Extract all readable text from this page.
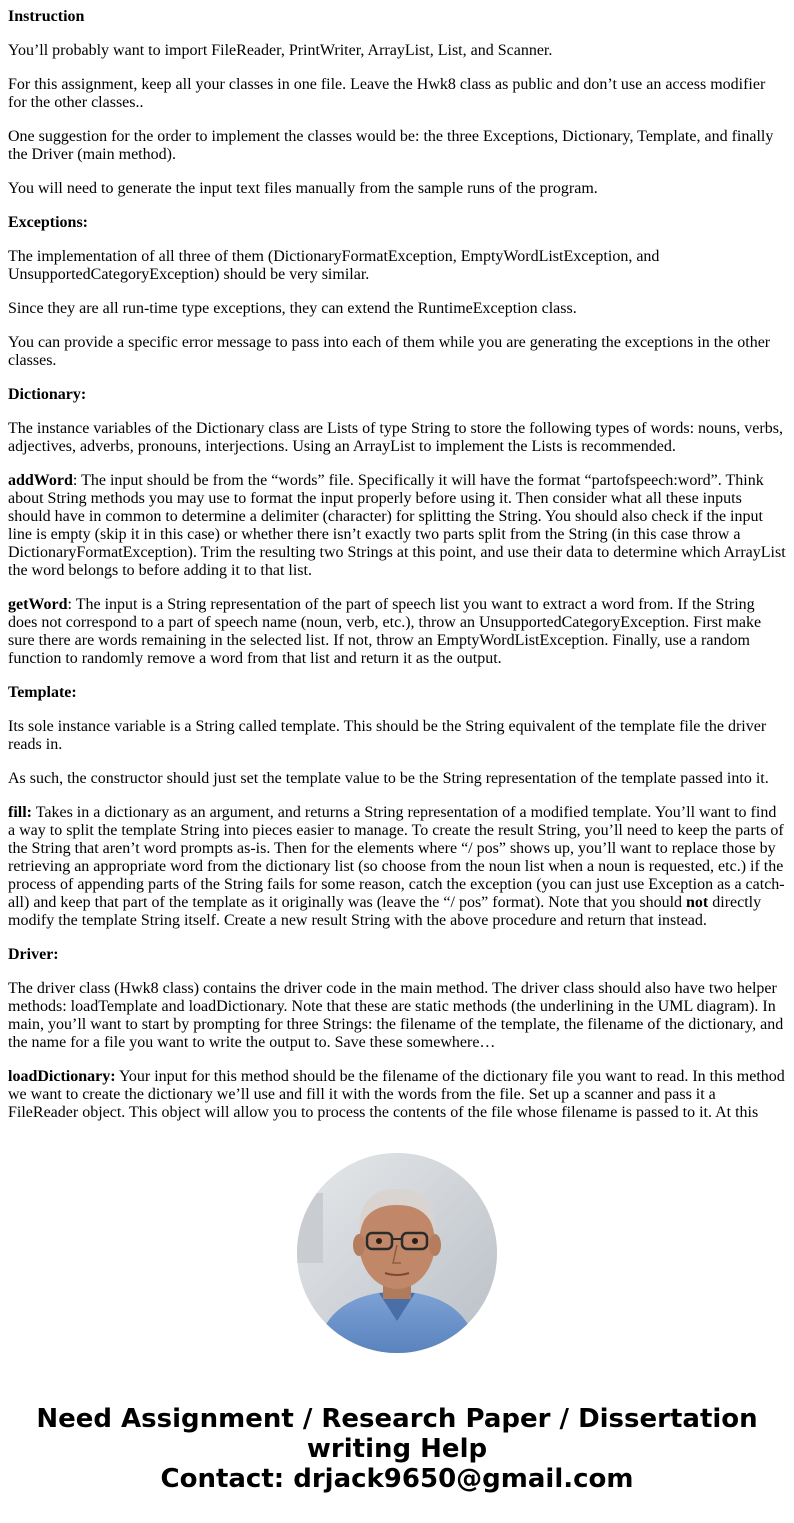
Instruction

You’ll probably want to import FileReader, PrintWriter, ArrayList, List, and Scanner.

For this assignment, keep all your classes in one file. Leave the Hwk8 class as public and don’t use an access modifier for the other classes..

One suggestion for the order to implement the classes would be: the three Exceptions, Dictionary, Template, and finally the Driver (main method).

You will need to generate the input text files manually from the sample runs of the program.

Exceptions:

The implementation of all three of them (DictionaryFormatException, EmptyWordListException, and UnsupportedCategoryException) should be very similar.

Since they are all run-time type exceptions, they can extend the RuntimeException class.

You can provide a specific error message to pass into each of them while you are generating the exceptions in the other classes.

Dictionary:

The instance variables of the Dictionary class are Lists of type String to store the following types of words: nouns, verbs, adjectives, adverbs, pronouns, interjections. Using an ArrayList to implement the Lists is recommended.

addWord: The input should be from the “words” file. Specifically it will have the format “partofspeech:word”. Think about String methods you may use to format the input properly before using it. Then consider what all these inputs should have in common to determine a delimiter (character) for splitting the String. You should also check if the input line is empty (skip it in this case) or whether there isn’t exactly two parts split from the String (in this case throw a DictionaryFormatException). Trim the resulting two Strings at this point, and use their data to determine which ArrayList the word belongs to before adding it to that list.

getWord: The input is a String representation of the part of speech list you want to extract a word from. If the String does not correspond to a part of speech name (noun, verb, etc.), throw an UnsupportedCategoryException. First make sure there are words remaining in the selected list. If not, throw an EmptyWordListException. Finally, use a random function to randomly remove a word from that list and return it as the output.

Template:

Its sole instance variable is a String called template. This should be the String equivalent of the template file the driver reads in.

As such, the constructor should just set the template value to be the String representation of the template passed into it.

fill: Takes in a dictionary as an argument, and returns a String representation of a modified template. You’ll want to find a way to split the template String into pieces easier to manage. To create the result String, you’ll need to keep the parts of the String that aren’t word prompts as-is. Then for the elements where “/ pos” shows up, you’ll want to replace those by retrieving an appropriate word from the dictionary list (so choose from the noun list when a noun is requested, etc.) if the process of appending parts of the String fails for some reason, catch the exception (you can just use Exception as a catch-all) and keep that part of the template as it originally was (leave the “/ pos” format). Note that you should not directly modify the template String itself. Create a new result String with the above procedure and return that instead.

Driver:

The driver class (Hwk8 class) contains the driver code in the main method. The driver class should also have two helper methods: loadTemplate and loadDictionary. Note that these are static methods (the underlining in the UML diagram). In main, you’ll want to start by prompting for three Strings: the filename of the template, the filename of the dictionary, and the name for a file you want to write the output to. Save these somewhere…

loadDictionary: Your input for this method should be the filename of the dictionary file you want to read. In this method we want to create the dictionary we’ll use and fill it with the words from the file. Set up a scanner and pass it a FileReader object. This object will allow you to process the contents of the file whose filename is passed to it. At this

Need Assignment / Research Paper / Dissertation
writing Help
Contact: drjack9650@gmail.com
